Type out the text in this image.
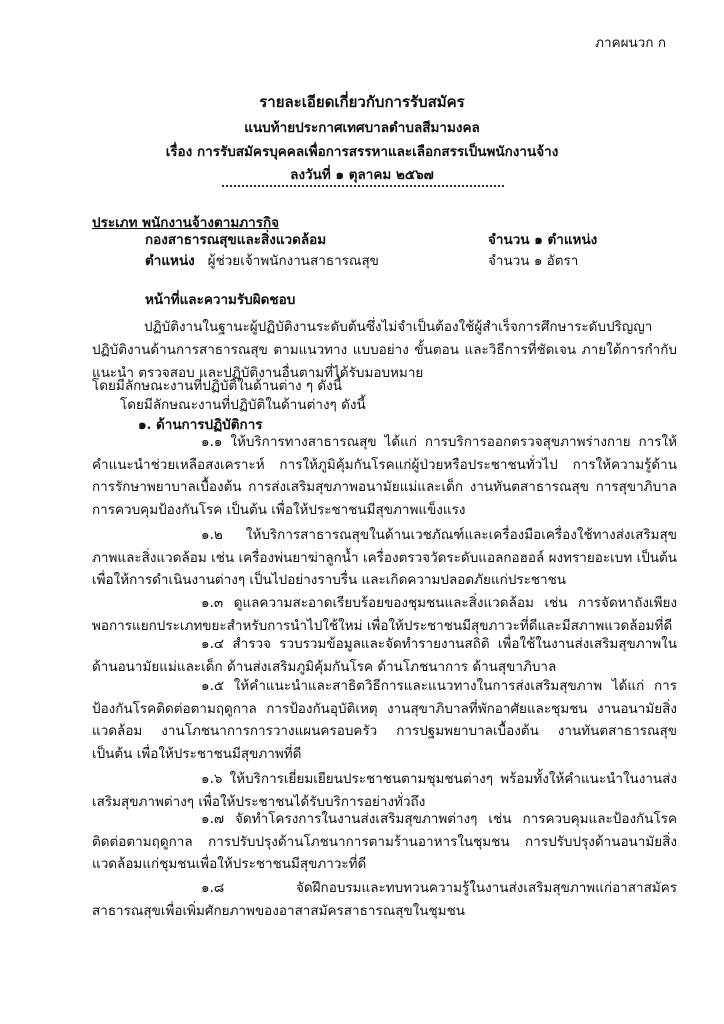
ภาคผนวก ก
รายละเอียดเกี่ยวกับการรับสมัคร
แนบท้ายประกาศเทศบาลตำบลสีมามงคล
เรื่อง การรับสมัครบุคคลเพื่อการสรรหาและเลือกสรรเป็นพนักงานจ้าง
ลงวันที่ ๑ ตุลาคม ๒๕๖๗
ประเภท พนักงานจ้างตามภารกิจ
กองสาธารณสุขและสิ่งแวดล้อม	จำนวน ๑ ตำแหน่ง
ตำแหน่ง ผู้ช่วยเจ้าพนักงานสาธารณสุข	จำนวน ๑ อัตรา
หน้าที่และความรับผิดชอบ
ปฏิบัติงานในฐานะผู้ปฏิบัติงานระดับต้นซึ่งไม่จำเป็นต้องใช้ผู้สำเร็จการศึกษาระดับปริญญา ปฏิบัติงานด้านการสาธารณสุข ตามแนวทาง แบบอย่าง ขั้นตอน และวิธีการที่ชัดเจน ภายใต้การกำกับ แนะนำ ตรวจสอบ และปฏิบัติงานอื่นตามที่ได้รับมอบหมาย
โดยมีลักษณะงานที่ปฏิบัติในด้านต่าง ๆ ดังนี้
โดยมีลักษณะงานที่ปฏิบัติในด้านต่างๆ ดังนี้
๑. ด้านการปฏิบัติการ
๑.๑ ให้บริการทางสาธารณสุข ได้แก่ การบริการออกตรวจสุขภาพร่างกาย การให้คำแนะนำช่วยเหลือสงเคราะห์ การให้ภูมิคุ้มกันโรคแก่ผู้ป่วยหรือประชาชนทั่วไป การให้ความรู้ด้านการรักษาพยาบาลเบื้องต้น การส่งเสริมสุขภาพอนามัยแม่และเด็ก งานทันตสาธารณสุข การสุขาภิบาล การควบคุมป้องกันโรค เป็นต้น เพื่อให้ประชาชนมีสุขภาพแข็งแรง
๑.๒ ให้บริการสาธารณสุขในด้านเวชภัณฑ์และเครื่องมือเครื่องใช้ทางส่งเสริมสุขภาพและสิ่งแวดล้อม เช่น เครื่องพ่นยาฆ่าลูกน้ำ เครื่องตรวจวัดระดับแอลกอฮอล์ ผงทรายอะเบท เป็นต้น เพื่อให้การดำเนินงานต่างๆ เป็นไปอย่างราบรื่น และเกิดความปลอดภัยแก่ประชาชน
๑.๓ ดูแลความสะอาดเรียบร้อยของชุมชนและสิ่งแวดล้อม เช่น การจัดหาถังเพียงพอการแยกประเภทขยะสำหรับการนำไปใช้ใหม่ เพื่อให้ประชาชนมีสุขภาวะที่ดีและมีสภาพแวดล้อมที่ดี
๑.๔ สำรวจ รวบรวมข้อมูลและจัดทำรายงานสถิติ เพื่อใช้ในงานส่งเสริมสุขภาพในด้านอนามัยแม่และเด็ก ด้านส่งเสริมภูมิคุ้มกันโรค ด้านโภชนาการ ด้านสุขาภิบาล
๑.๕ ให้คำแนะนำและสาธิตวิธีการและแนวทางในการส่งเสริมสุขภาพ ได้แก่ การป้องกันโรคติดต่อตามฤดูกาล การป้องกันอุบัติเหตุ งานสุขาภิบาลที่พักอาศัยและชุมชน งานอนามัยสิ่งแวดล้อม งานโภชนาการการวางแผนครอบครัว การปฐมพยาบาลเบื้องต้น งานทันตสาธารณสุข เป็นต้น เพื่อให้ประชาชนมีสุขภาพที่ดี
๑.๖ ให้บริการเยี่ยมเยียนประชาชนตามชุมชนต่างๆ พร้อมทั้งให้คำแนะนำในงานส่งเสริมสุขภาพต่างๆ เพื่อให้ประชาชนได้รับบริการอย่างทั่วถึง
๑.๗ จัดทำโครงการในงานส่งเสริมสุขภาพต่างๆ เช่น การควบคุมและป้องกันโรคติดต่อตามฤดูกาล การปรับปรุงด้านโภชนาการตามร้านอาหารในชุมชน การปรับปรุงด้านอนามัยสิ่งแวดล้อมแก่ชุมชนเพื่อให้ประชาชนมีสุขภาวะที่ดี
๑.๘ จัดฝึกอบรมและทบทวนความรู้ในงานส่งเสริมสุขภาพแก่อาสาสมัครสาธารณสุขเพื่อเพิ่มศักยภาพของอาสาสมัครสาธารณสุขในชุมชน
